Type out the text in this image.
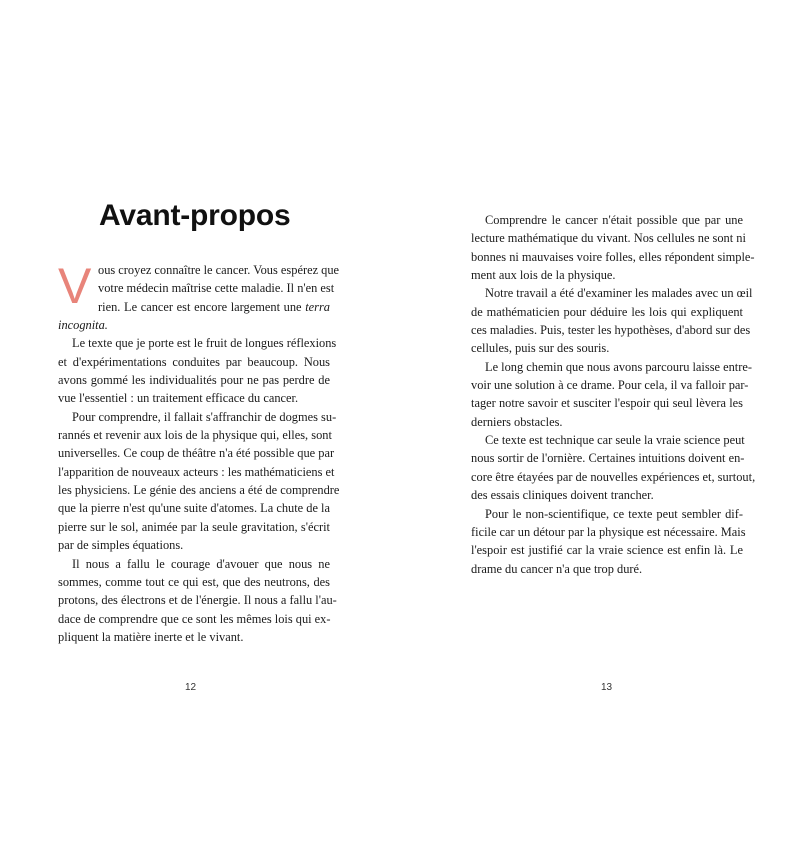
Avant-propos
V ous croyez connaître le cancer. Vous espérez que
votre médecin maîtrise cette maladie. Il n'en est
rien. Le cancer est encore largement une terra
incognita.
Le texte que je porte est le fruit de longues réflexions
et d'expérimentations conduites par beaucoup. Nous
avons gommé les individualités pour ne pas perdre de
vue l'essentiel : un traitement efficace du cancer.
Pour comprendre, il fallait s'affranchir de dogmes su-
rannés et revenir aux lois de la physique qui, elles, sont
universelles. Ce coup de théâtre n'a été possible que par
l'apparition de nouveaux acteurs : les mathématiciens et
les physiciens. Le génie des anciens a été de comprendre
que la pierre n'est qu'une suite d'atomes. La chute de la
pierre sur le sol, animée par la seule gravitation, s'écrit
par de simples équations.
Il nous a fallu le courage d'avouer que nous ne
sommes, comme tout ce qui est, que des neutrons, des
protons, des électrons et de l'énergie. Il nous a fallu l'au-
dace de comprendre que ce sont les mêmes lois qui ex-
pliquent la matière inerte et le vivant.
12
Comprendre le cancer n'était possible que par une
lecture mathématique du vivant. Nos cellules ne sont ni
bonnes ni mauvaises voire folles, elles répondent simple-
ment aux lois de la physique.
Notre travail a été d'examiner les malades avec un œil
de mathématicien pour déduire les lois qui expliquent
ces maladies. Puis, tester les hypothèses, d'abord sur des
cellules, puis sur des souris.
Le long chemin que nous avons parcouru laisse entre-
voir une solution à ce drame. Pour cela, il va falloir par-
tager notre savoir et susciter l'espoir qui seul lèvera les
derniers obstacles.
Ce texte est technique car seule la vraie science peut
nous sortir de l'ornière. Certaines intuitions doivent en-
core être étayées par de nouvelles expériences et, surtout,
des essais cliniques doivent trancher.
Pour le non-scientifique, ce texte peut sembler dif-
ficile car un détour par la physique est nécessaire. Mais
l'espoir est justifié car la vraie science est enfin là. Le
drame du cancer n'a que trop duré.
13
